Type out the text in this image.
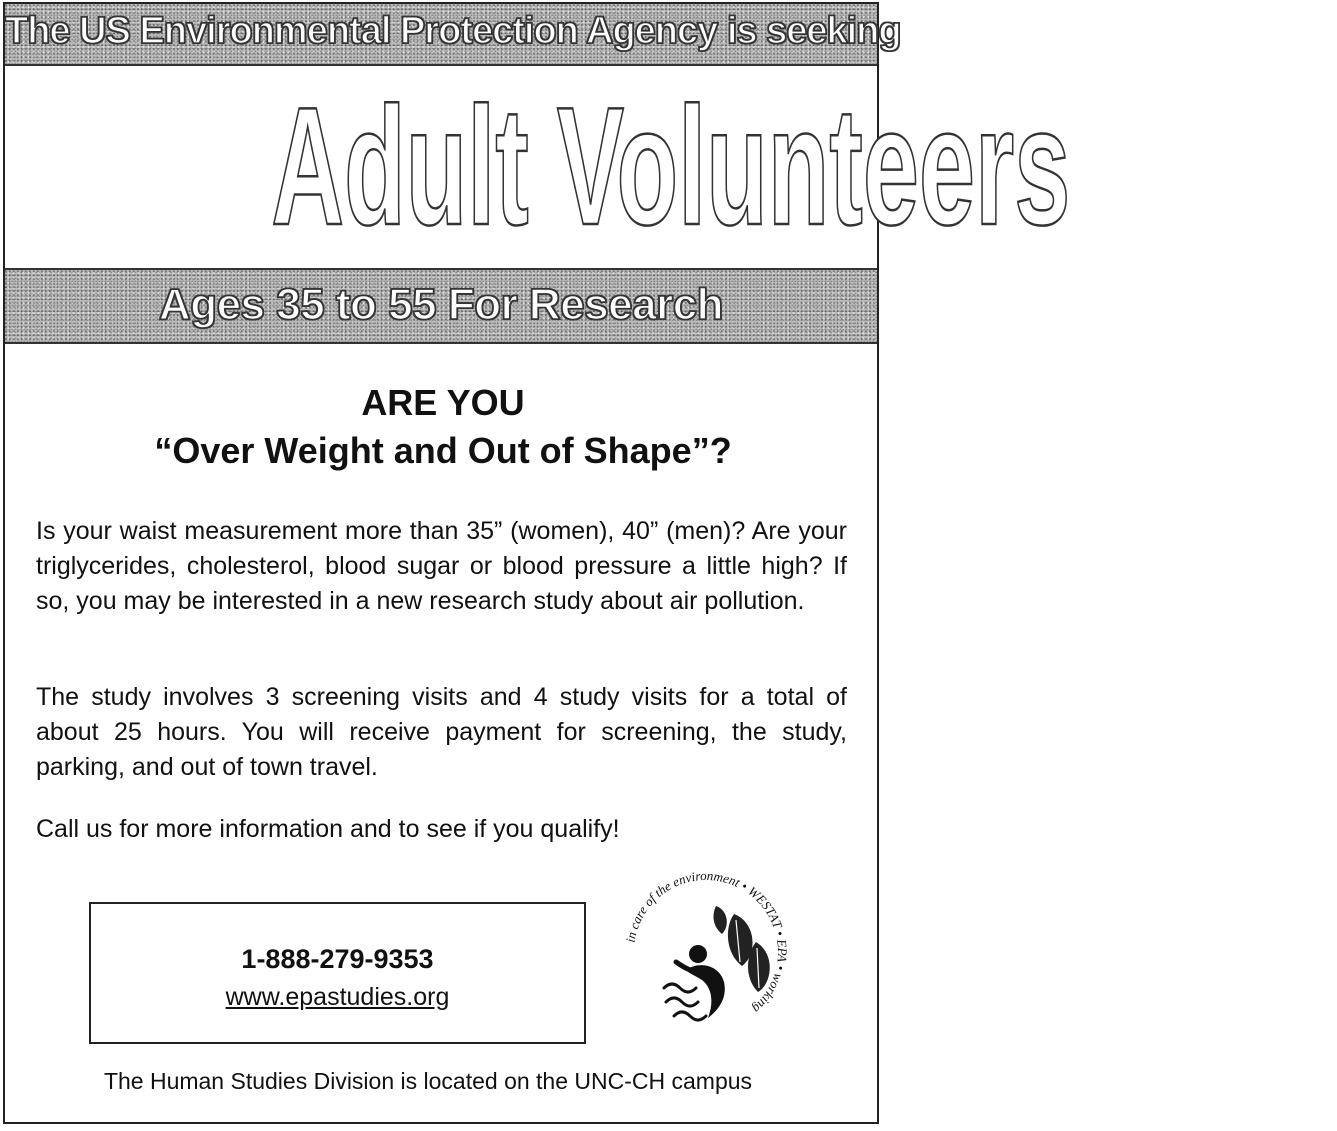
The US Environmental Protection Agency is seeking
Adult Volunteers
Ages 35 to 55 For Research
ARE YOU
“Over Weight and Out of Shape”?

Is your waist measurement more than 35” (women), 40” (men)? Are your triglycerides, cholesterol, blood sugar or blood pressure a little high? If so, you may be interested in a new research study about air pollution.

The study involves 3 screening visits and 4 study visits for a total of about 25 hours. You will receive payment for screening, the study, parking, and out of town travel.

Call us for more information and to see if you qualify!

1-888-279-9353
www.epastudies.org
in care of the environment • WESTAT • EPA • working
The Human Studies Division is located on the UNC-CH campus
